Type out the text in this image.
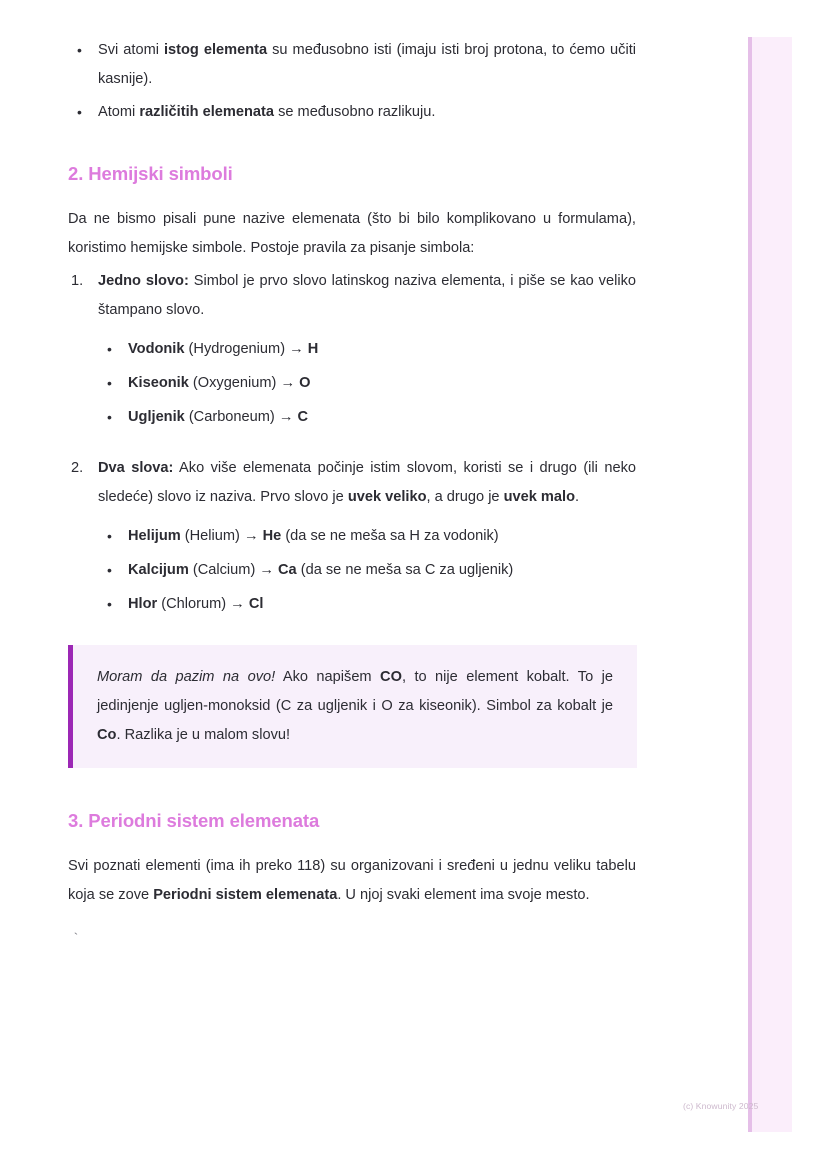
• Svi atomi istog elementa su međusobno isti (imaju isti broj protona, to ćemo učiti kasnije).
• Atomi različitih elemenata se međusobno razlikuju.
2. Hemijski simboli

Da ne bismo pisali pune nazive elemenata (što bi bilo komplikovano u formulama), koristimo hemijske simbole. Postoje pravila za pisanje simbola:

Jedno slovo: Simbol je prvo slovo latinskog naziva elementa, i piše se kao veliko štampano slovo.
• Vodonik (Hydrogenium) → H
• Kiseonik (Oxygenium) → O
• Ugljenik (Carboneum) → C
Dva slova: Ako više elemenata počinje istim slovom, koristi se i drugo (ili neko sledeće) slovo iz naziva. Prvo slovo je uvek veliko, a drugo je uvek malo.
• Helijum (Helium) → He (da se ne meša sa H za vodonik)
• Kalcijum (Calcium) → Ca (da se ne meša sa C za ugljenik)
• Hlor (Chlorum) → Cl

Moram da pazim na ovo! Ako napišem CO, to nije element kobalt. To je jedinjenje ugljen-monoksid (C za ugljenik i O za kiseonik). Simbol za kobalt je Co. Razlika je u malom slovu!

3. Periodni sistem elemenata

Svi poznati elementi (ima ih preko 118) su organizovani i sređeni u jednu veliku tabelu koja se zove Periodni sistem elemenata. U njoj svaki element ima svoje mesto.

`
(c) Knowunity 2025
